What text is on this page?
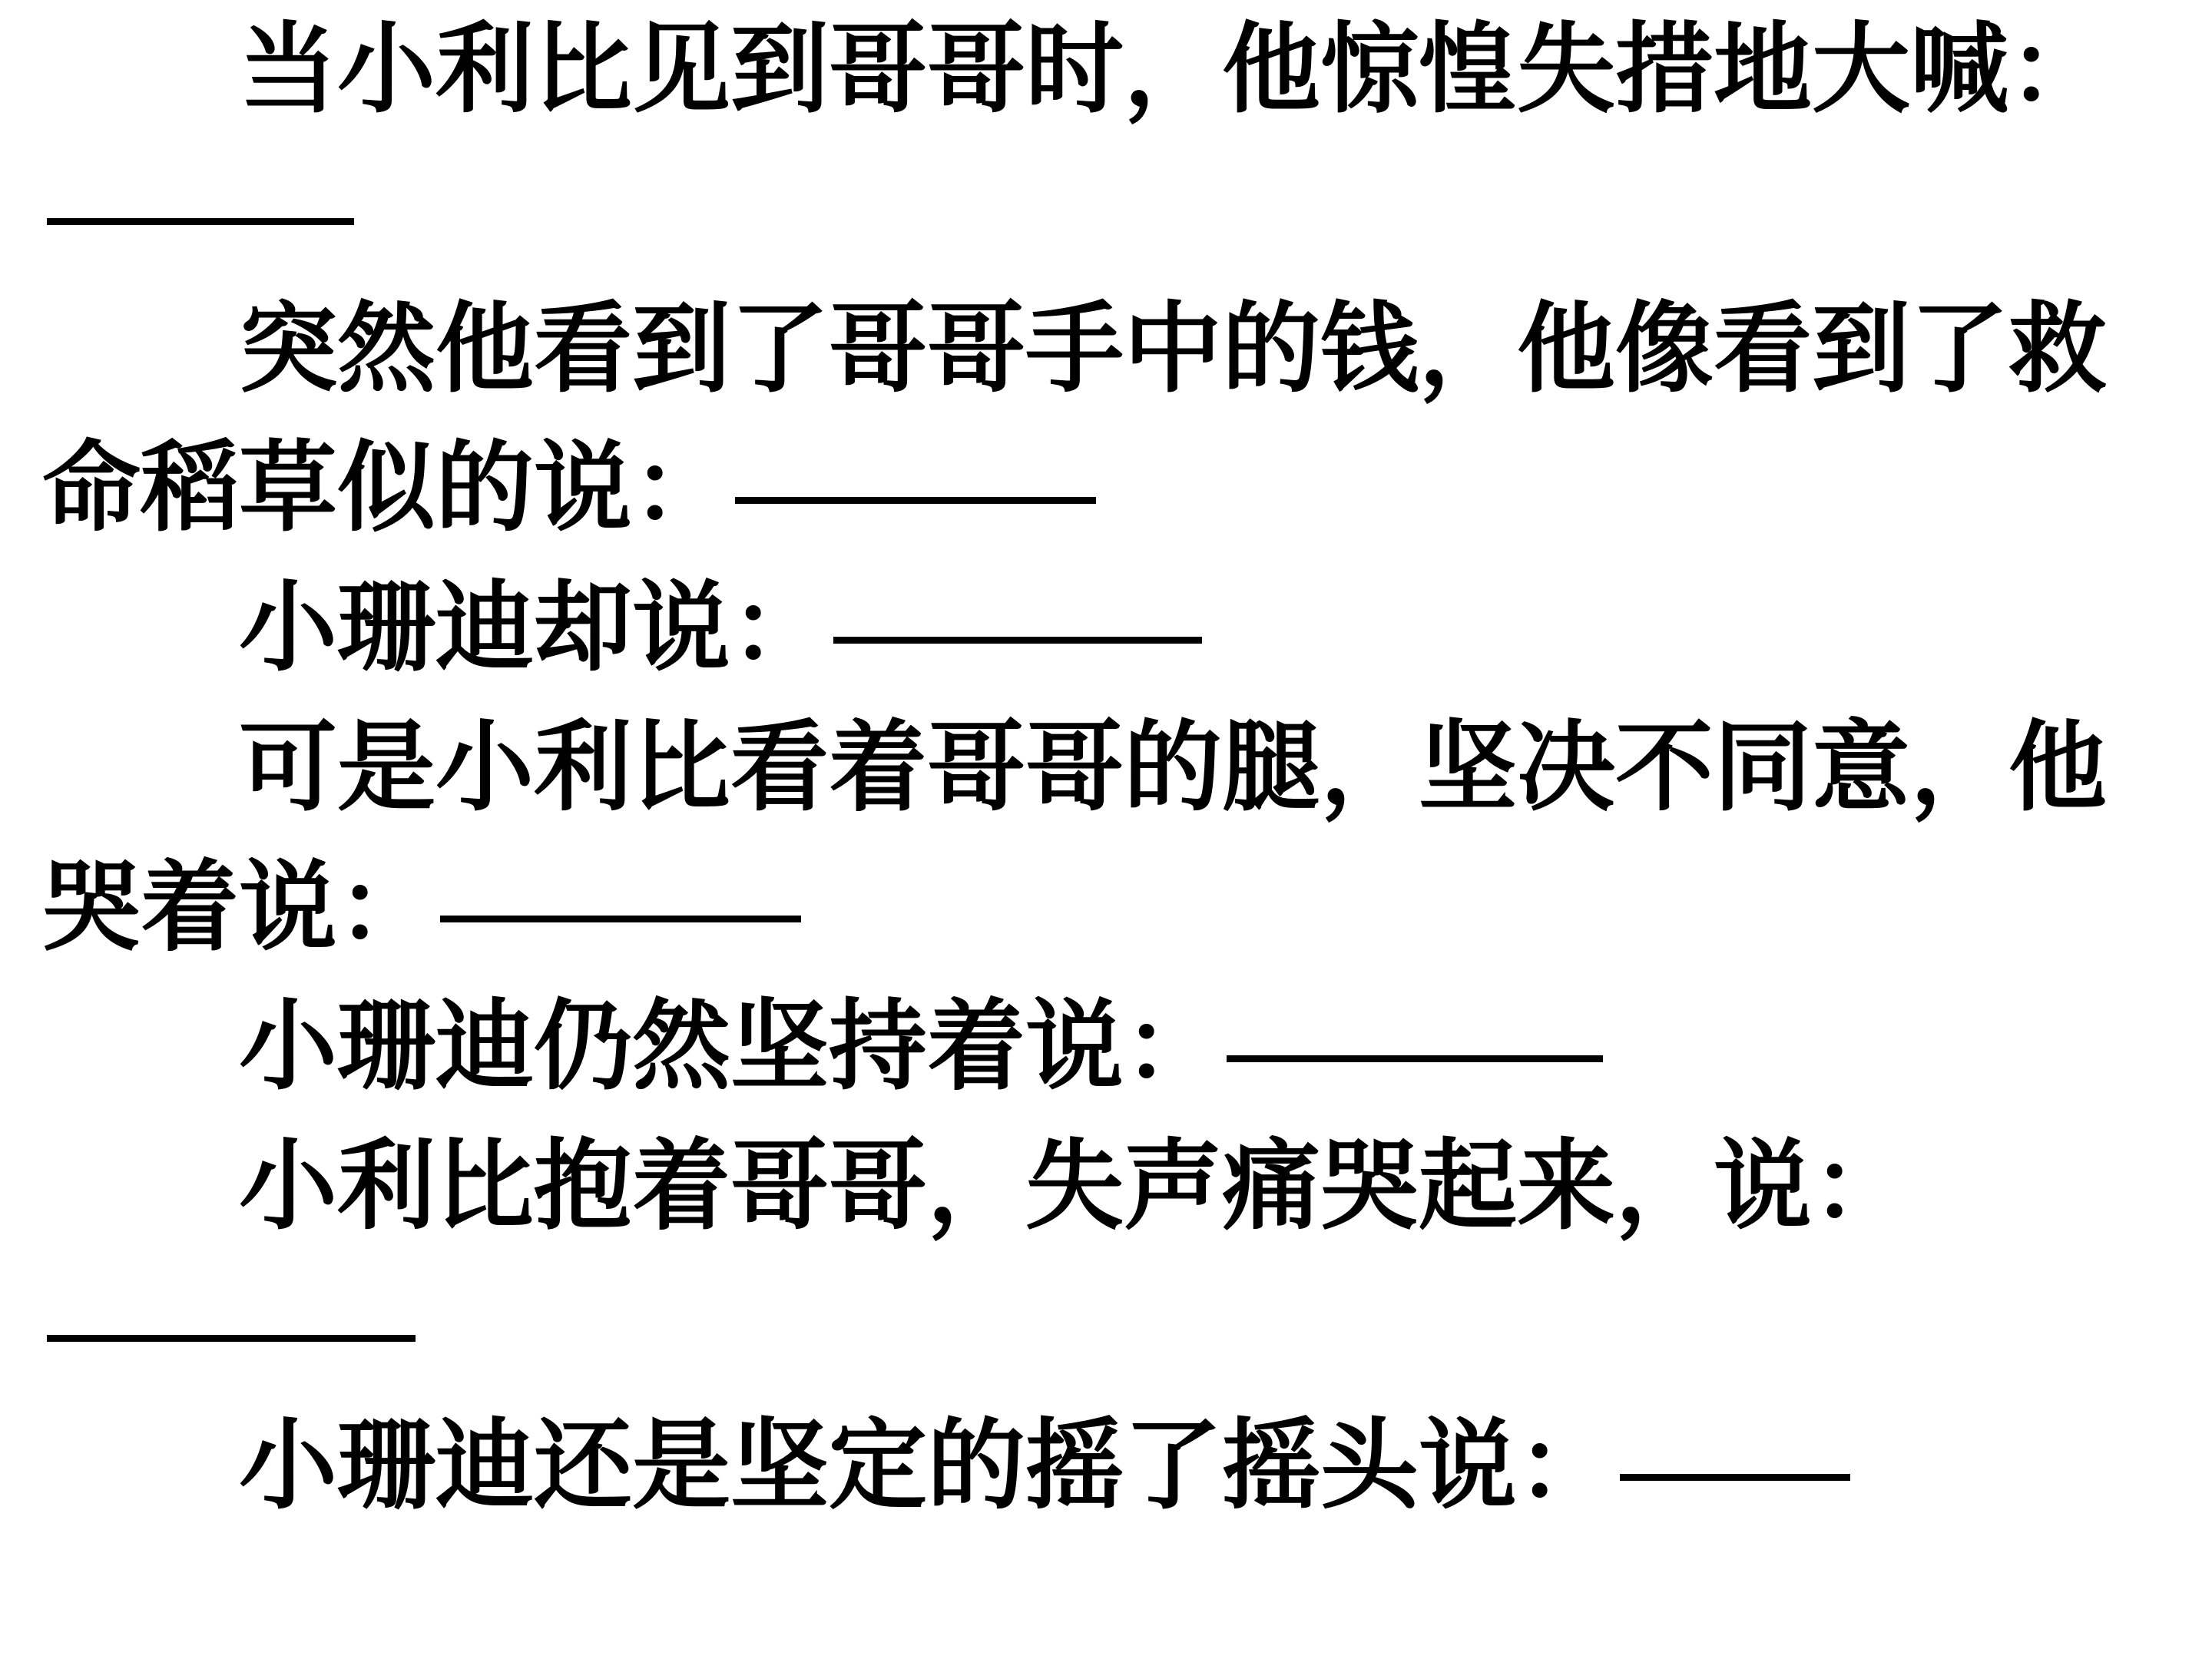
当小利比见到哥哥时，他惊惶失措地大喊：

突然他看到了哥哥手中的钱，他像看到了救命稻草似的说：

小珊迪却说：

可是小利比看着哥哥的腿，坚决不同意，他哭着说：

小珊迪仍然坚持着说：

小利比抱着哥哥，失声痛哭起来，说：

小珊迪还是坚定的摇了摇头说：
